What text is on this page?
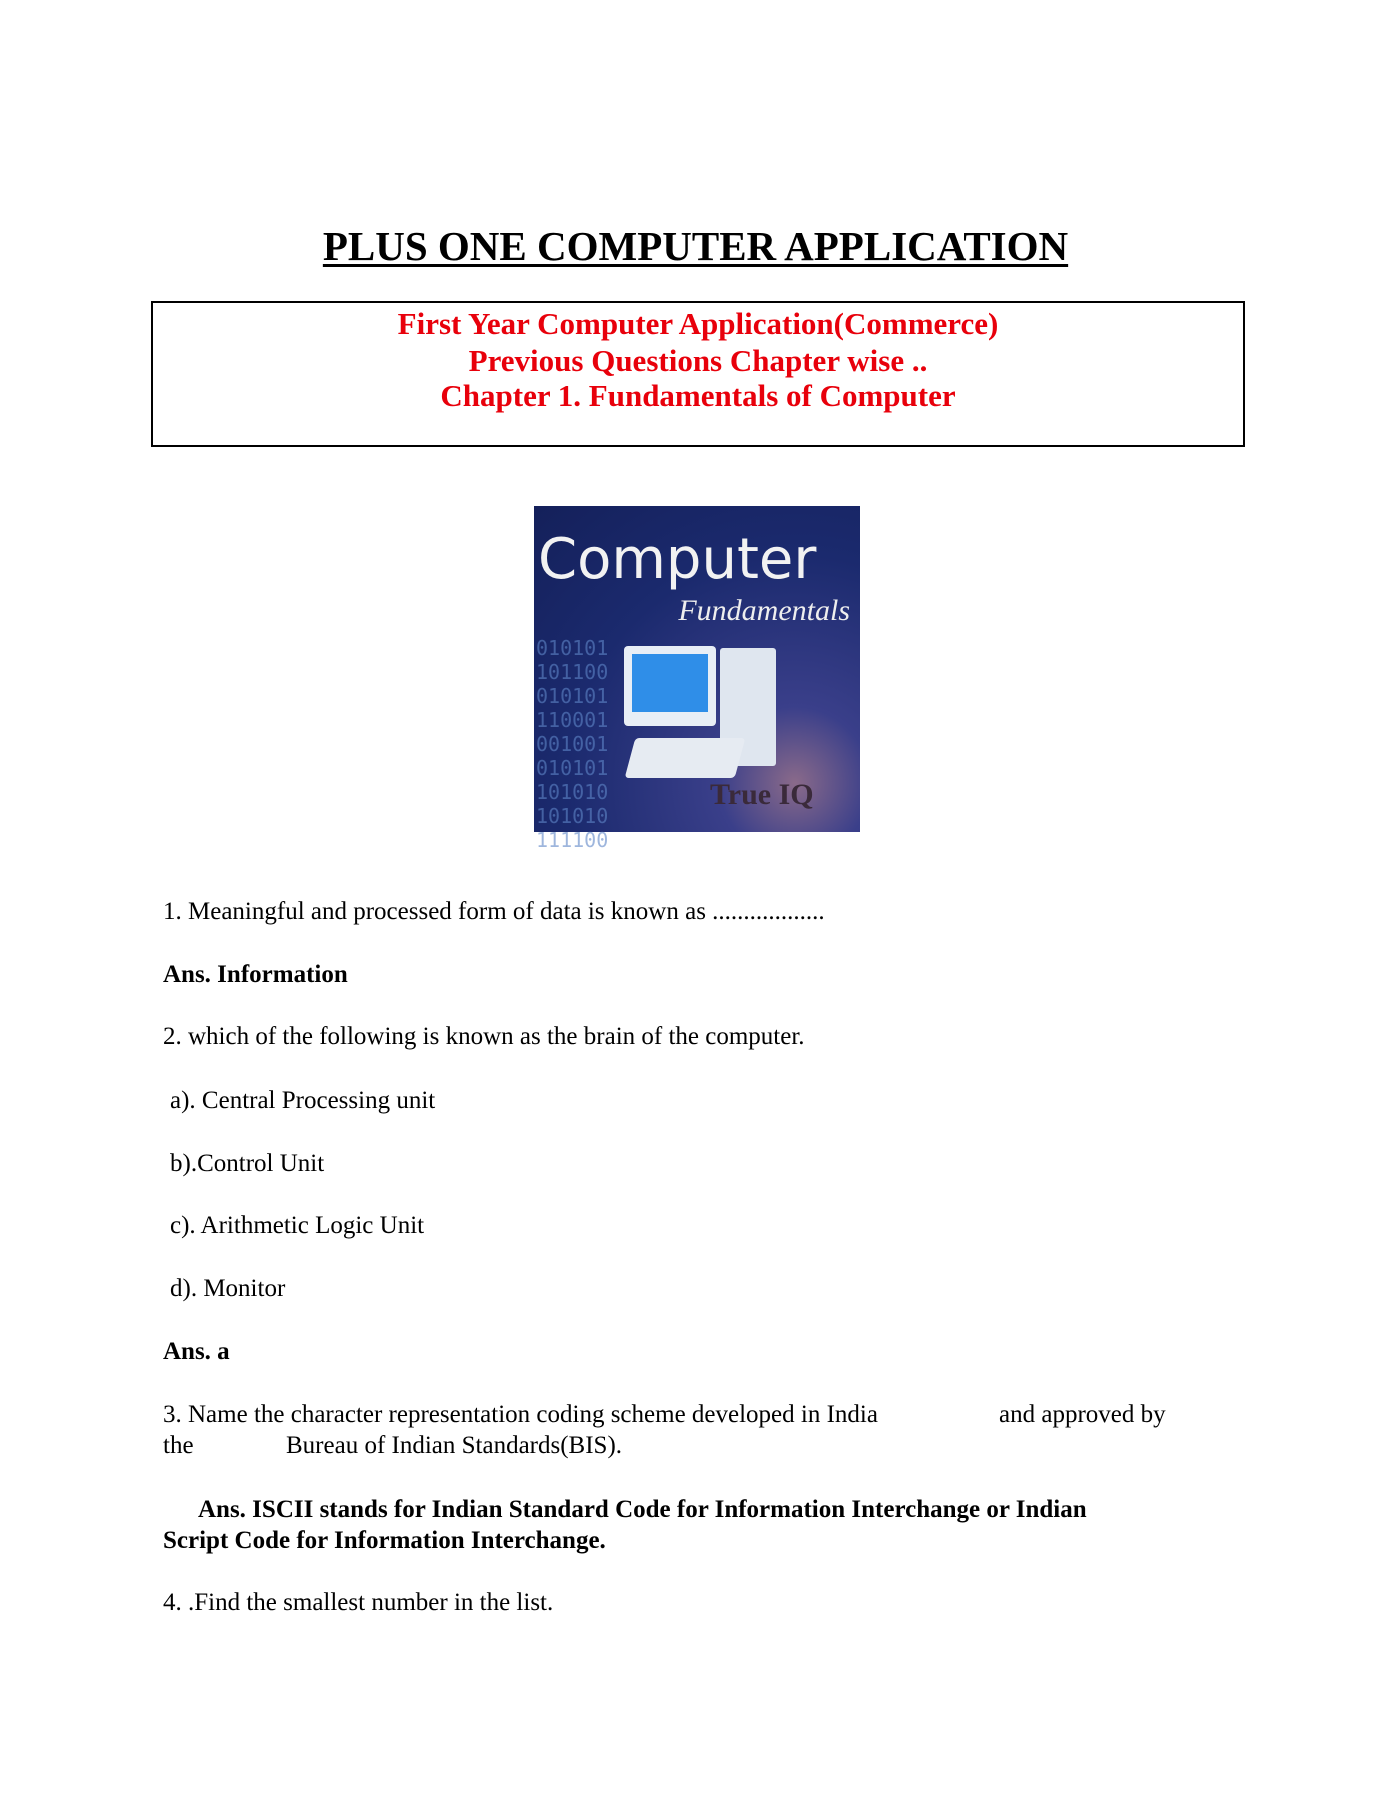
PLUS ONE COMPUTER APPLICATION
First Year Computer Application(Commerce)
Previous Questions Chapter wise ..
Chapter 1. Fundamentals of Computer
010101
101100
010101
110001
001001
010101
101010
101010
111100
Computer
Fundamentals
True IQ
1. Meaningful and processed form of data is known as ..................
Ans. Information
2. which of the following is known as the brain of the computer.
a). Central Processing unit
b).Control Unit
c). Arithmetic Logic Unit
d). Monitor
Ans. a
3. Name the character representation coding scheme developed in India	and approved by
the	Bureau of Indian Standards(BIS).
Ans. ISCII stands for Indian Standard Code for Information Interchange or Indian
Script Code for Information Interchange.
4. .Find the smallest number in the list.
